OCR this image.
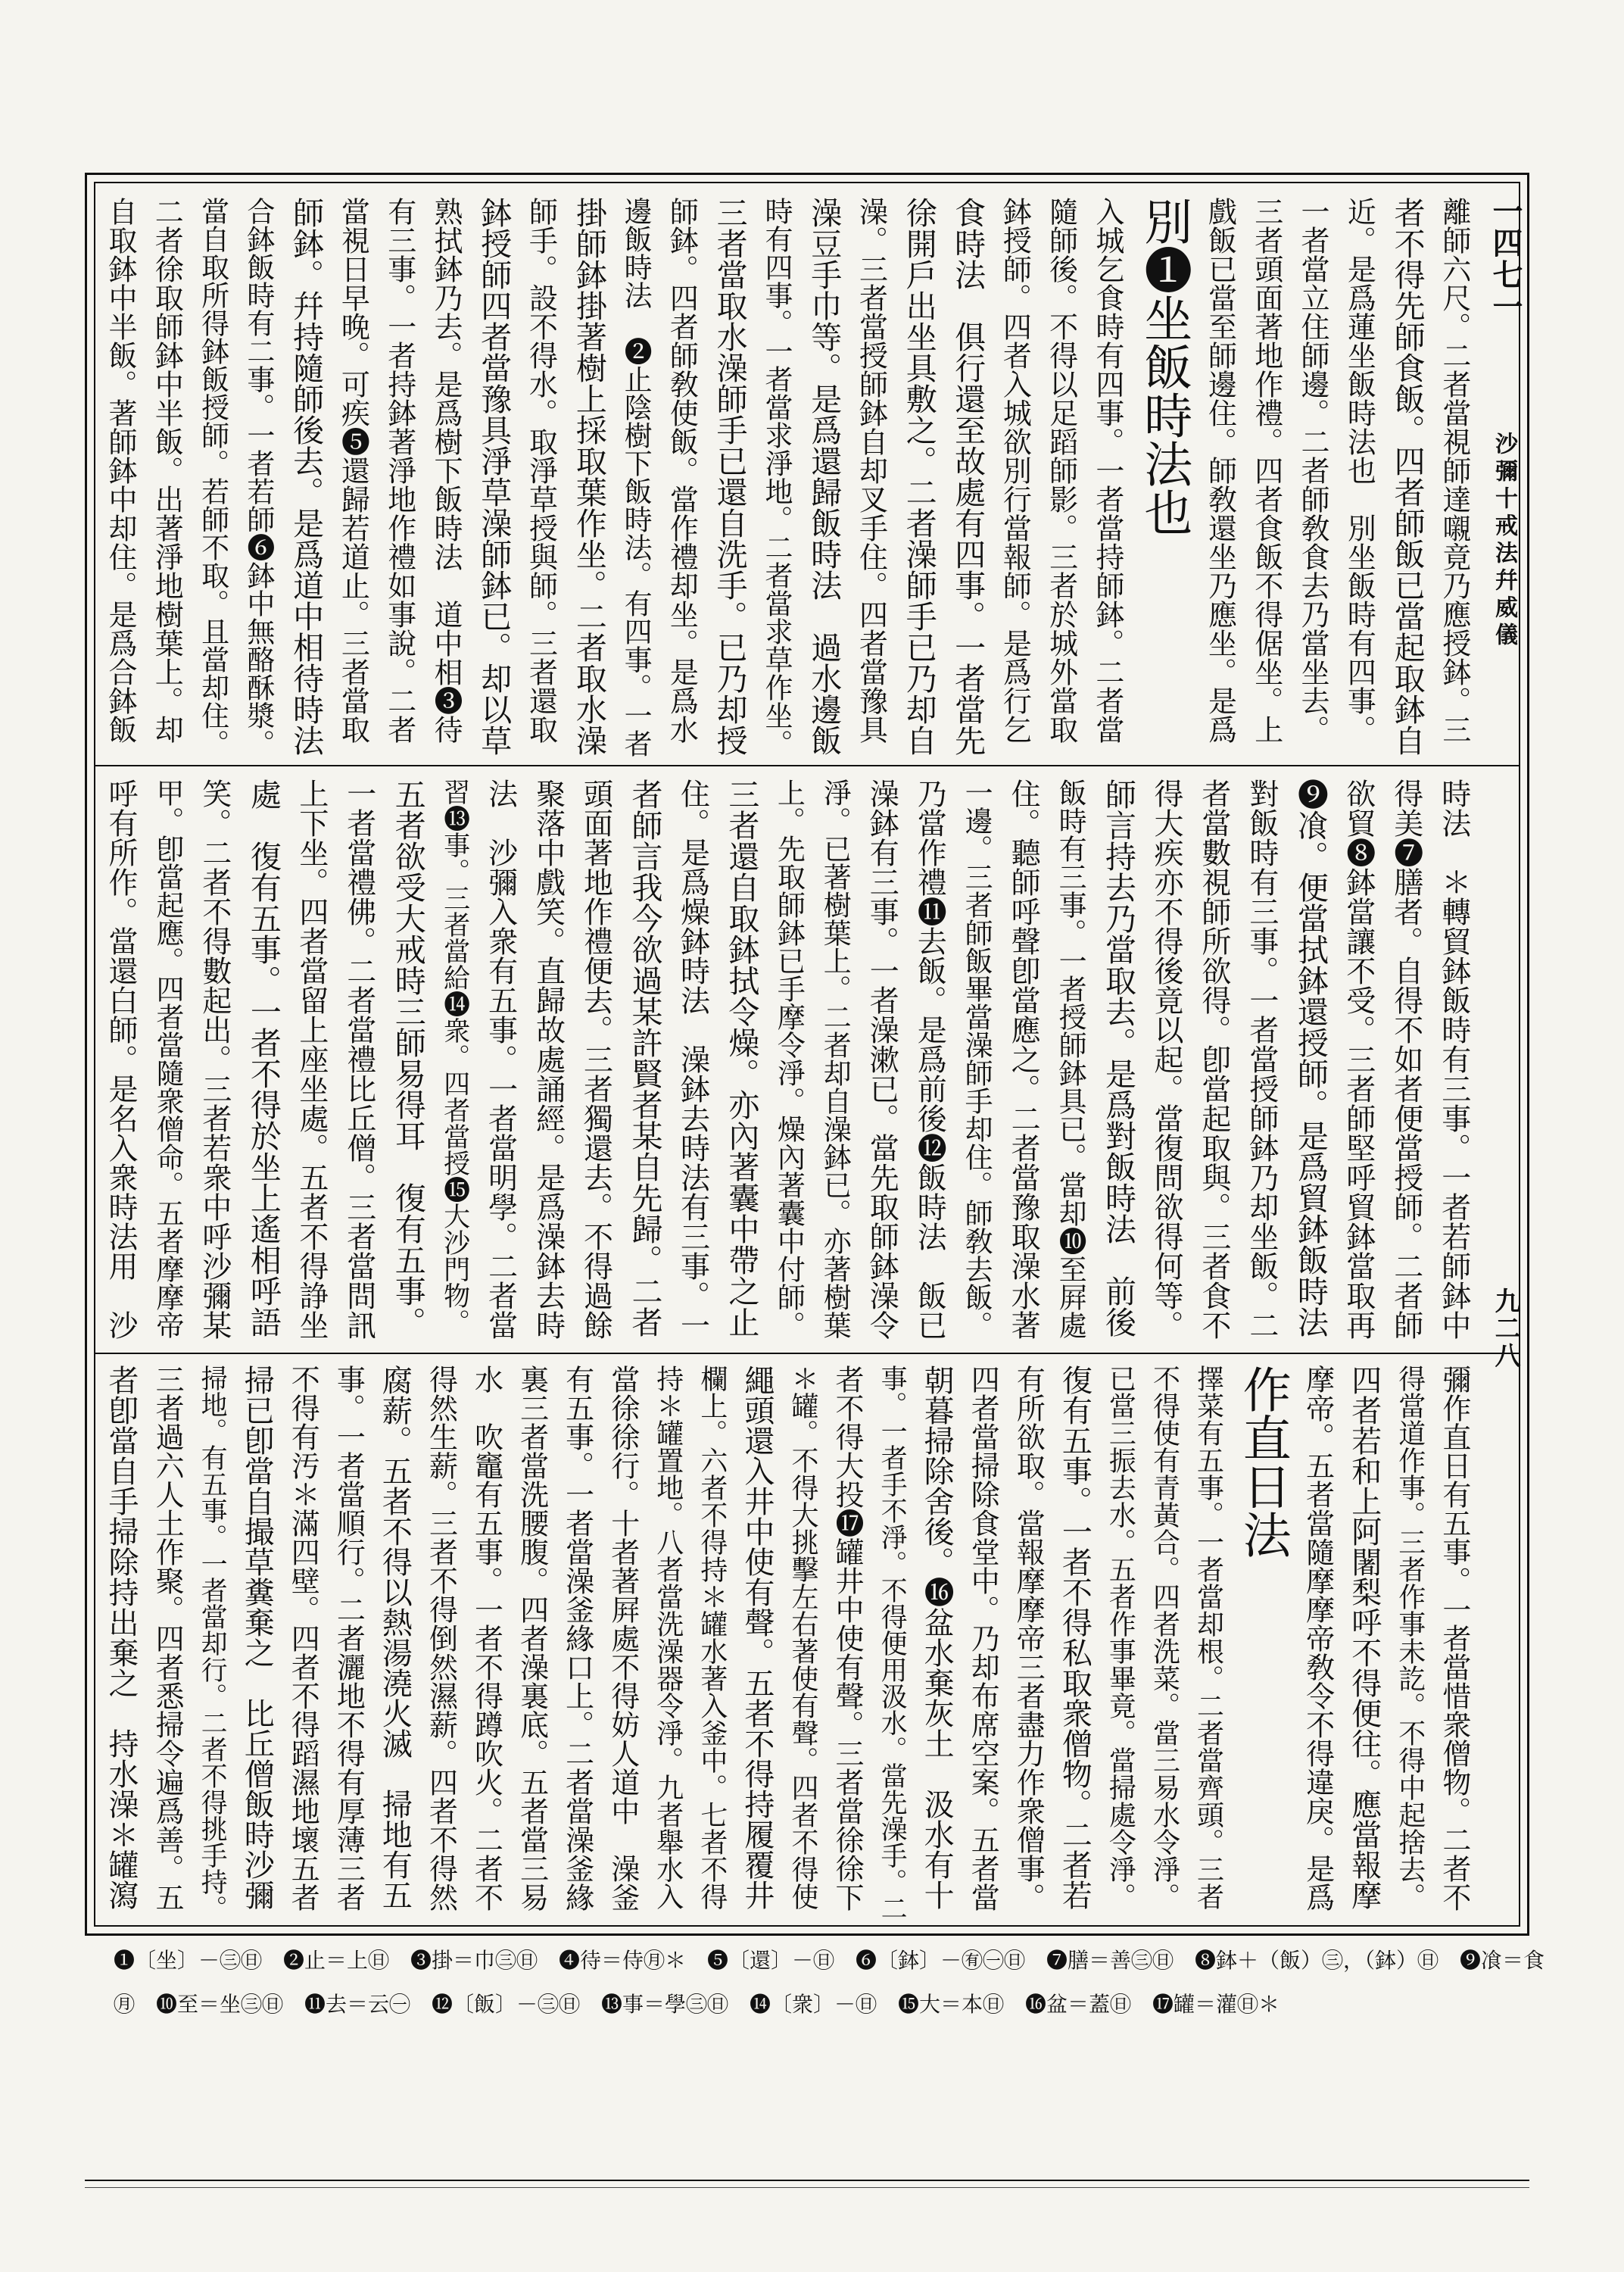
一四七一
沙彌十戒法幷威儀
九二八
離師六尺。二者當視師達嚫竟乃應授鉢。三
者不得先師食飯。四者師飯已當起取鉢自
近。是爲蓮坐飯時法也　別坐飯時有四事。
一者當立住師邊。二者師敎食去乃當坐去。
三者頭面著地作禮。四者食飯不得倨坐。上
戲飯已當至師邊住。師敎還坐乃應坐。是爲
別❶坐飯時法也
入城乞食時有四事。一者當持師鉢。二者當
隨師後。不得以足蹈師影。三者於城外當取
鉢授師。四者入城欲別行當報師。是爲行乞
食時法　俱行還至故處有四事。一者當先
徐開戶出坐具敷之。二者澡師手已乃却自
澡。三者當授師鉢自却叉手住。四者當豫具
澡豆手巾等。是爲還歸飯時法　過水邊飯
時有四事。一者當求淨地。二者當求草作坐。
三者當取水澡師手已還自洗手。已乃却授
師鉢。四者師敎使飯。當作禮却坐。是爲水
邊飯時法　❷止陰樹下飯時法。有四事。一者
掛師鉢掛著樹上採取葉作坐。二者取水澡
師手。設不得水。取淨草授與師。三者還取
鉢授師四者當豫具淨草澡師鉢已。却以草
熟拭鉢乃去。是爲樹下飯時法　道中相❸待
有三事。一者持鉢著淨地作禮如事說。二者
當視日早晚。可疾❺還歸若道止。三者當取
師鉢。幷持隨師後去。是爲道中相待時法
合鉢飯時有二事。一者若師❻鉢中無酪酥漿。
當自取所得鉢飯授師。若師不取。且當却住。
二者徐取師鉢中半飯。出著淨地樹葉上。却
自取鉢中半飯。著師鉢中却住。是爲合鉢飯
時法　＊轉貿鉢飯時有三事。一者若師鉢中
得美❼膳者。自得不如者便當授師。二者師
欲貿❽鉢當讓不受。三者師堅呼貿鉢當取再
❾飡。便當拭鉢還授師。是爲貿鉢飯時法
對飯時有三事。一者當授師鉢乃却坐飯。二
者當數視師所欲得。卽當起取與。三者食不
得大疾亦不得後竟以起。當復問欲得何等。
師言持去乃當取去。是爲對飯時法　前後
飯時有三事。一者授師鉢具已。當却❿至屛處
住。聽師呼聲卽當應之。二者當豫取澡水著
一邊。三者師飯畢當澡師手却住。師敎去飯。
乃當作禮⓫去飯。是爲前後⓬飯時法　飯已
澡鉢有三事。一者澡漱已。當先取師鉢澡令
淨。已著樹葉上。二者却自澡鉢已。亦著樹葉
上。先取師鉢已手摩令淨。燥內著囊中付師。
三者還自取鉢拭令燥。亦內著囊中帶之止
住。是爲燥鉢時法　澡鉢去時法有三事。一
者師言我今欲過某許賢者某自先歸。二者
頭面著地作禮便去。三者獨還去。不得過餘
聚落中戲笑。直歸故處誦經。是爲澡鉢去時
法　沙彌入衆有五事。一者當明學。二者當
習⓭事。三者當給⓮衆。四者當授⓯大沙門物。
五者欲受大戒時三師易得耳　復有五事。
一者當禮佛。二者當禮比丘僧。三者當問訊
上下坐。四者當留上座坐處。五者不得諍坐
處　復有五事。一者不得於坐上遙相呼語
笑。二者不得數起出。三者若衆中呼沙彌某
甲。卽當起應。四者當隨衆僧命。五者摩摩帝
呼有所作。當還白師。是名入衆時法用　沙
彌作直日有五事。一者當惜衆僧物。二者不
得當道作事。三者作事未訖。不得中起捨去。
四者若和上阿闍梨呼不得便往。應當報摩
摩帝。五者當隨摩摩帝敎令不得違戾。是爲
作直日法
擇菜有五事。一者當却根。二者當齊頭。三者
不得使有青黃合。四者洗菜。當三易水令淨。
已當三振去水。五者作事畢竟。當掃處令淨。
復有五事。一者不得私取衆僧物。二者若
有所欲取。當報摩摩帝三者盡力作衆僧事。
四者當掃除食堂中。乃却布席空案。五者當
朝暮掃除舍後。⓰盆水棄灰土　汲水有十
事。一者手不淨。不得便用汲水。當先澡手。二
者不得大投⓱罐井中使有聲。三者當徐徐下
＊罐。不得大挑擊左右著使有聲。四者不得使
繩頭還入井中使有聲。五者不得持履覆井
欄上。六者不得持＊罐水著入釜中。七者不得
持＊罐置地。八者當洗澡器令淨。九者舉水入
當徐徐行。十者著屛處不得妨人道中　澡釜
有五事。一者當澡釜緣口上。二者當澡釜緣
裏三者當洗腰腹。四者澡裏底。五者當三易
水　吹竈有五事。一者不得蹲吹火。二者不
得然生薪。三者不得倒然濕薪。四者不得然
腐薪。五者不得以熱湯澆火滅　掃地有五
事。一者當順行。二者灑地不得有厚薄三者
不得有汚＊滿四壁。四者不得蹈濕地壞五者
掃已卽當自撮草糞棄之　比丘僧飯時沙彌
掃地。有五事。一者當却行。二者不得挑手持。
三者過六人土作聚。四者悉掃令遍爲善。五
者卽當自手掃除持出棄之　持水澡＊罐瀉
❶〔坐〕－㊂㊐　❷止＝上㊐　❸掛＝巾㊂㊐　❹待＝侍㊊＊　❺〔還〕－㊐　❻〔鉢〕－㊒㊀㊐　❼膳＝善㊂㊐　❽鉢＋（飯）㊂，（鉢）㊐　❾飡＝食
㊊　❿至＝坐㊂㊐　⓫去＝云㊀　⓬〔飯〕－㊂㊐　⓭事＝學㊂㊐　⓮〔衆〕－㊐　⓯大＝本㊐　⓰盆＝蓋㊐　⓱罐＝灌㊐＊
